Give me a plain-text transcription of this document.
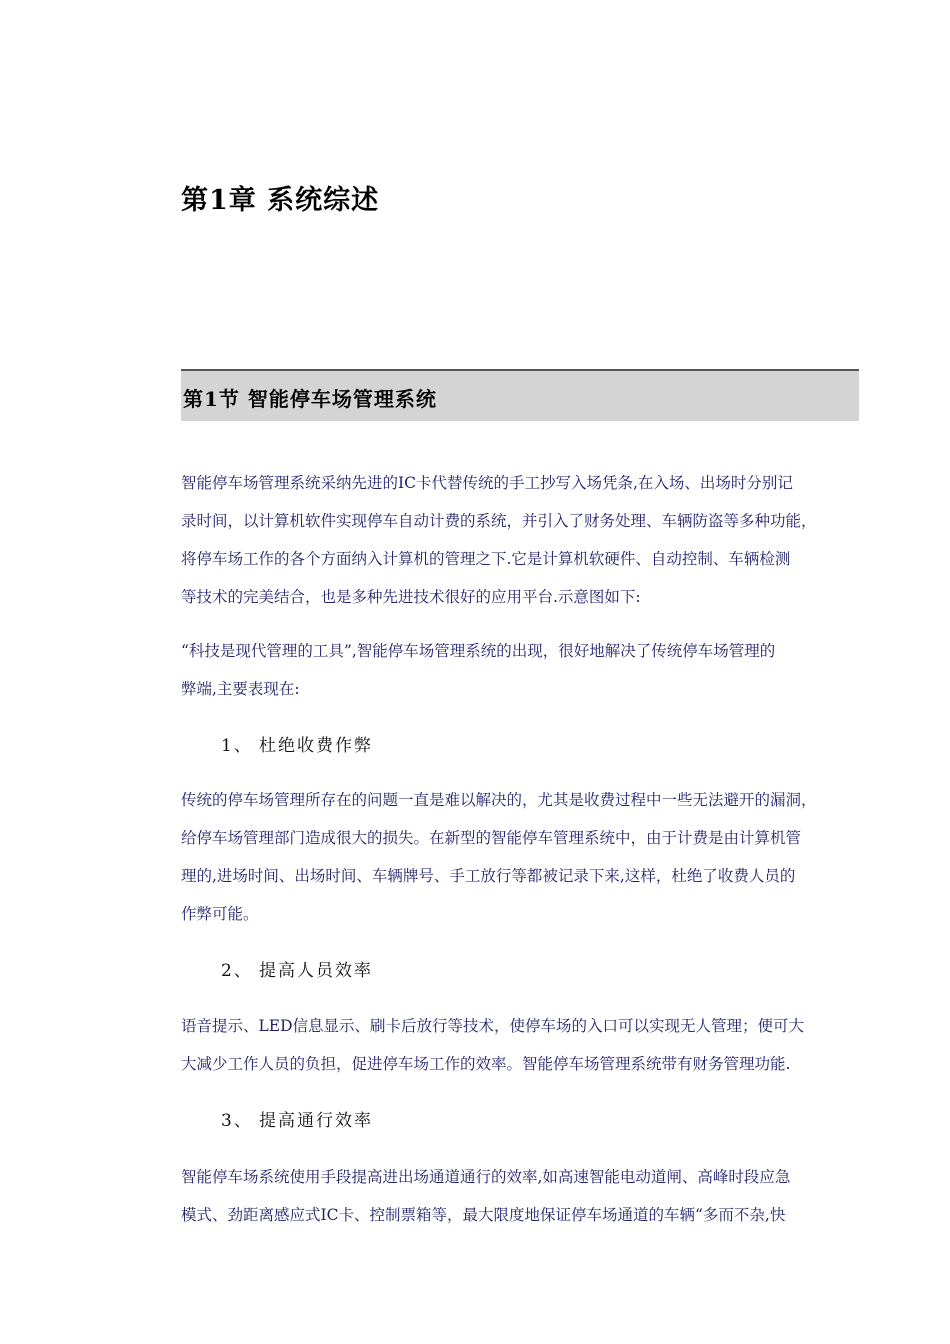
第1章 系统综述
第1节 智能停车场管理系统
智能停车场管理系统采纳先进的IC卡代替传统的手工抄写入场凭条,在入场、出场时分别记
录时间，以计算机软件实现停车自动计费的系统，并引入了财务处理、车辆防盗等多种功能，
将停车场工作的各个方面纳入计算机的管理之下.它是计算机软硬件、自动控制、车辆检测
等技术的完美结合，也是多种先进技术很好的应用平台.示意图如下:
“科技是现代管理的工具”,智能停车场管理系统的出现，很好地解决了传统停车场管理的
弊端,主要表现在:
1、 杜绝收费作弊
传统的停车场管理所存在的问题一直是难以解决的，尤其是收费过程中一些无法避开的漏洞，
给停车场管理部门造成很大的损失。在新型的智能停车管理系统中，由于计费是由计算机管
理的,进场时间、出场时间、车辆牌号、手工放行等都被记录下来,这样，杜绝了收费人员的
作弊可能。
2、 提高人员效率
语音提示、LED信息显示、刷卡后放行等技术，使停车场的入口可以实现无人管理；便可大
大减少工作人员的负担，促进停车场工作的效率。智能停车场管理系统带有财务管理功能.
3、 提高通行效率
智能停车场系统使用手段提高进出场通道通行的效率,如高速智能电动道闸、高峰时段应急
模式、劲距离感应式IC卡、控制票箱等，最大限度地保证停车场通道的车辆“多而不杂,快
